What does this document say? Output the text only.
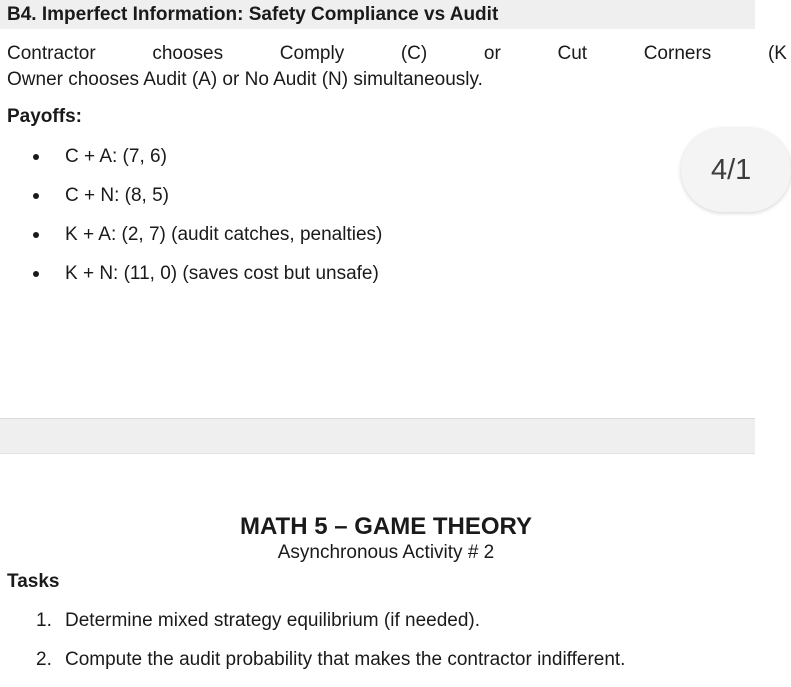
B4. Imperfect Information: Safety Compliance vs Audit
Contractor	chooses	Comply	(C)	or	Cut	Corners	(K
Owner chooses Audit (A) or No Audit (N) simultaneously.
Payoffs:
C + A: (7, 6)
C + N: (8, 5)
K + A: (2, 7) (audit catches, penalties)
K + N: (11, 0) (saves cost but unsafe)
4/1
MATH 5 – GAME THEORY
Asynchronous Activity # 2
Tasks
1. Determine mixed strategy equilibrium (if needed).
2. Compute the audit probability that makes the contractor indifferent.
